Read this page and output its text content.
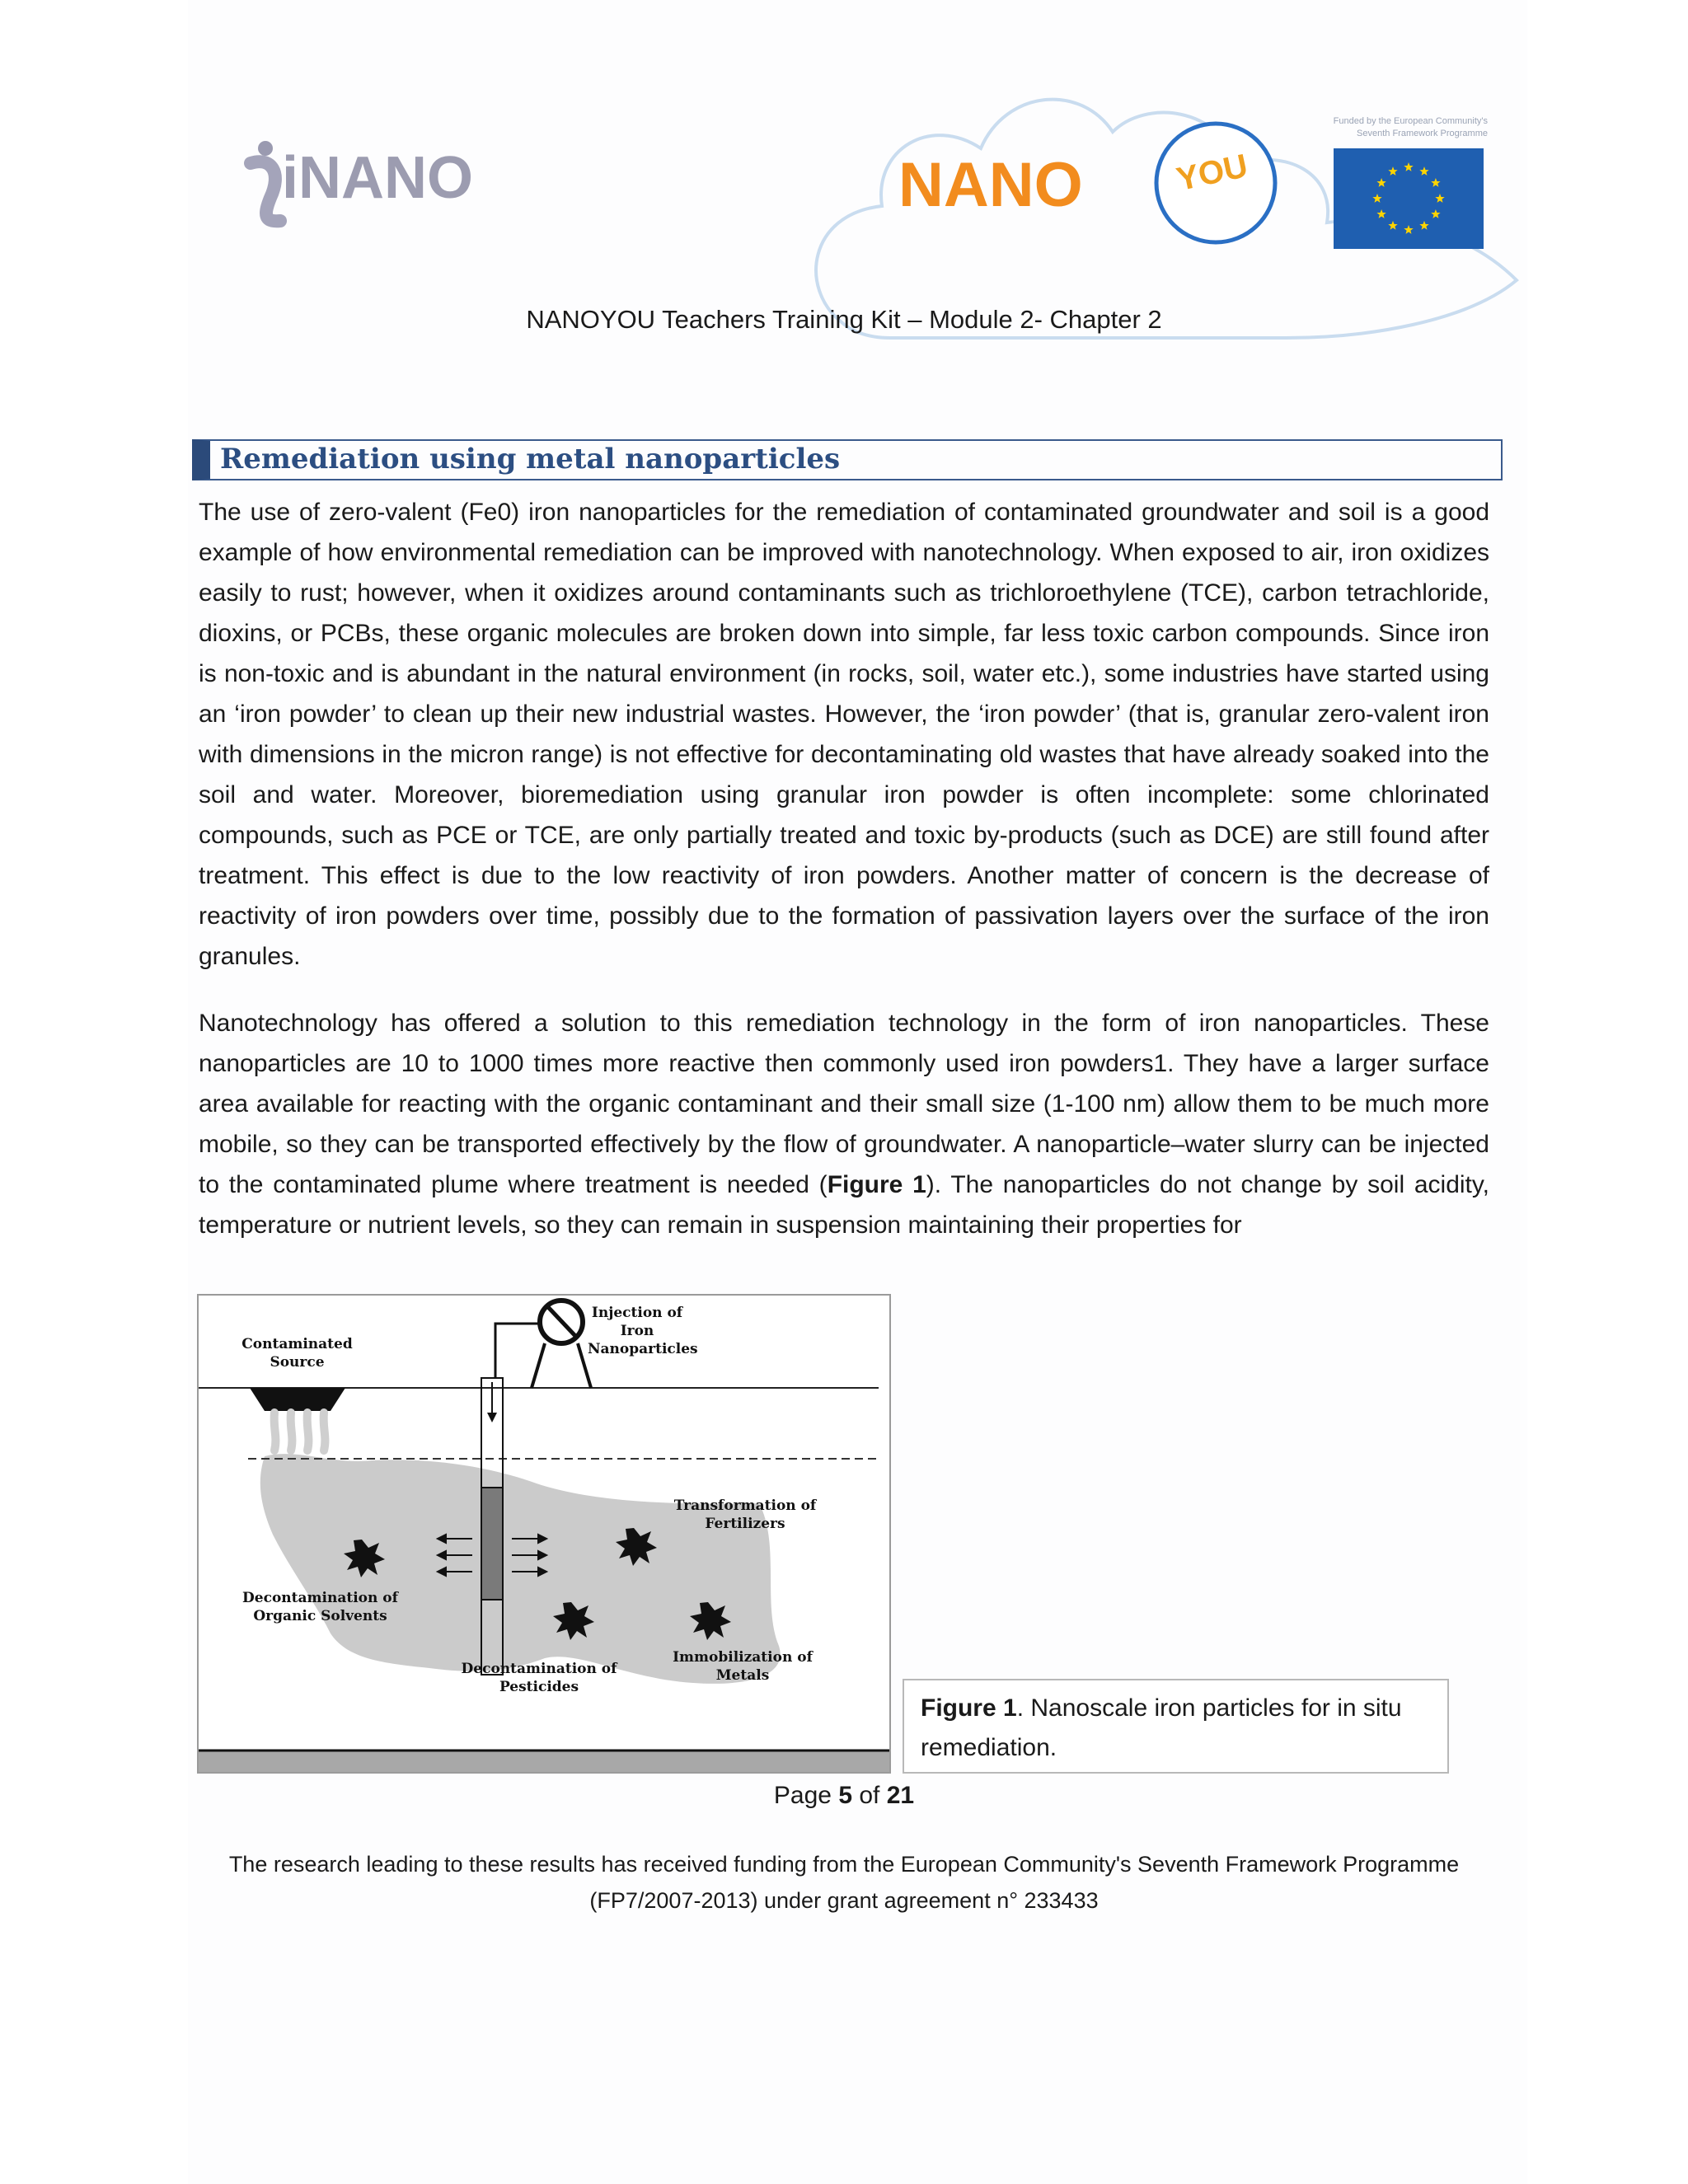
iNANO	NANO	YOU
Funded by the European Community's Seventh Framework Programme
NANOYOU Teachers Training Kit – Module 2- Chapter 2
Remediation using metal nanoparticles

The use of zero-valent (Fe0) iron nanoparticles for the remediation of contaminated groundwater and soil is a good example of how environmental remediation can be improved with nanotechnology. When exposed to air, iron oxidizes easily to rust; however, when it oxidizes around contaminants such as trichloroethylene (TCE), carbon tetrachloride, dioxins, or PCBs, these organic molecules are broken down into simple, far less toxic carbon compounds. Since iron is non-toxic and is abundant in the natural environment (in rocks, soil, water etc.), some industries have started using an ‘iron powder’ to clean up their new industrial wastes. However, the ‘iron powder’ (that is, granular zero-valent iron with dimensions in the micron range) is not effective for decontaminating old wastes that have already soaked into the soil and water. Moreover, bioremediation using granular iron powder is often incomplete: some chlorinated compounds, such as PCE or TCE, are only partially treated and toxic by-products (such as DCE) are still found after treatment. This effect is due to the low reactivity of iron powders. Another matter of concern is the decrease of reactivity of iron powders over time, possibly due to the formation of passivation layers over the surface of the iron granules.

Nanotechnology has offered a solution to this remediation technology in the form of iron nanoparticles. These nanoparticles are 10 to 1000 times more reactive then commonly used iron powders1. They have a larger surface area available for reacting with the organic contaminant and their small size (1-100 nm) allow them to be much more mobile, so they can be transported effectively by the flow of groundwater. A nanoparticle–water slurry can be injected to the contaminated plume where treatment is needed (Figure 1). The nanoparticles do not change by soil acidity, temperature or nutrient levels, so they can remain in suspension maintaining their properties for

Injection of Iron Nanoparticles
Contaminated Source
Transformation of Fertilizers
Decontamination of Organic Solvents
Decontamination of Pesticides
Immobilization of Metals
Figure 1. Nanoscale iron particles for in situ remediation.
Page 5 of 21
The research leading to these results has received funding from the European Community's Seventh Framework Programme (FP7/2007-2013) under grant agreement n° 233433
